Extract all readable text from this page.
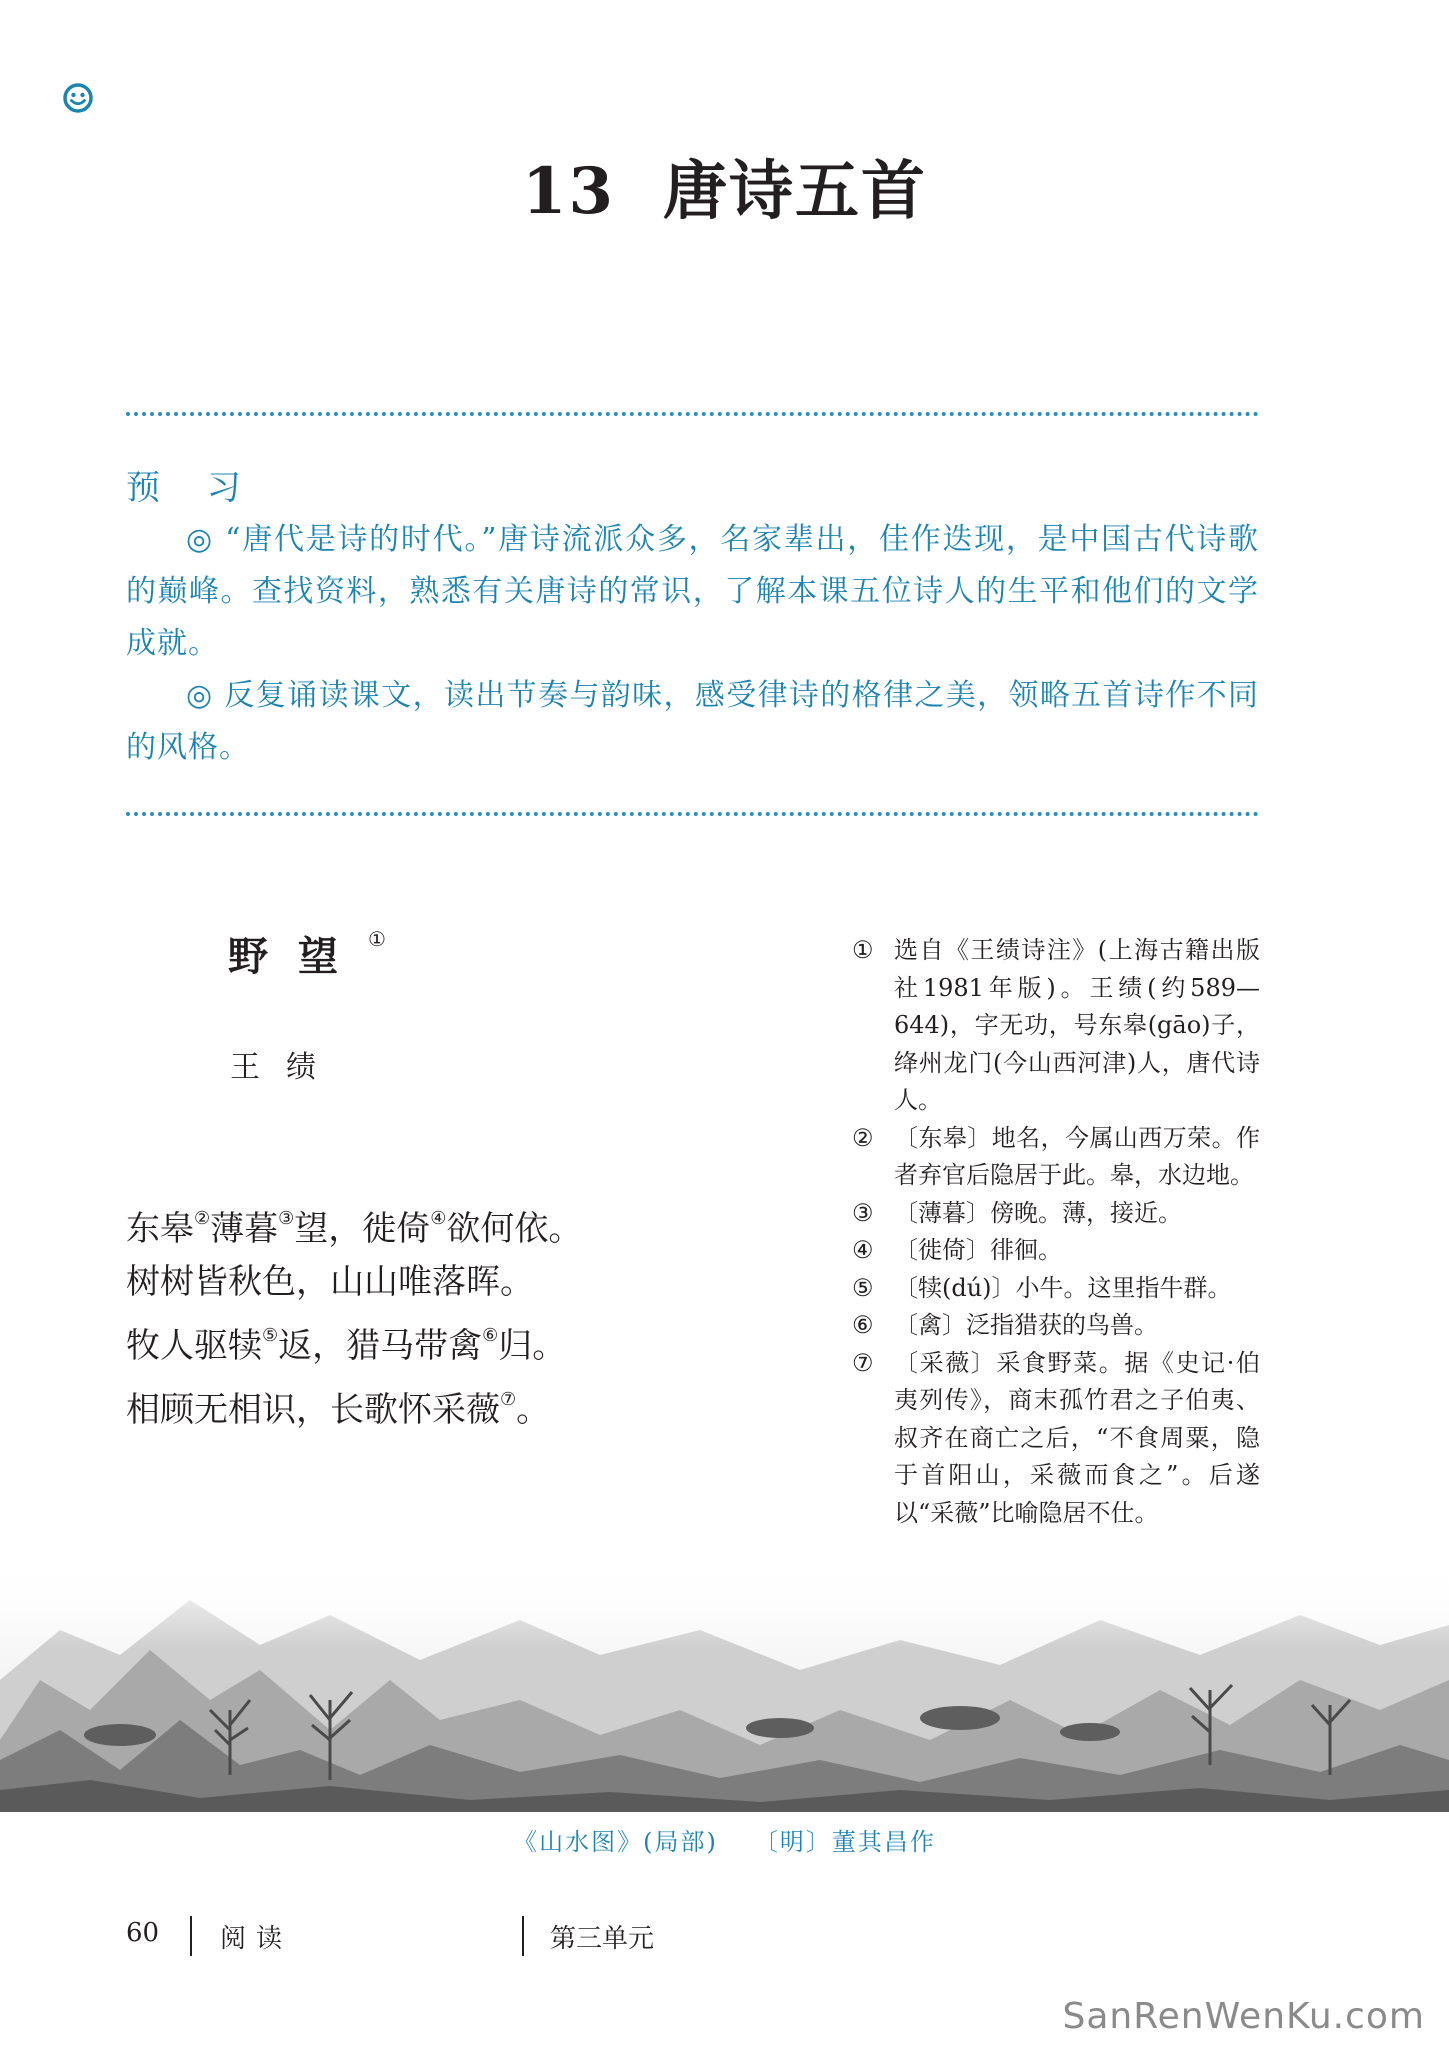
13 唐诗五首
预 习

◎ “唐代是诗的时代。”唐诗流派众多，名家辈出，佳作迭现，是中国古代诗歌的巅峰。查找资料，熟悉有关唐诗的常识，了解本课五位诗人的生平和他们的文学成就。

◎ 反复诵读课文，读出节奏与韵味，感受律诗的格律之美，领略五首诗作不同的风格。

野望①
王绩
东皋②薄暮③望，徙倚④欲何依。
树树皆秋色，山山唯落晖。
牧人驱犊⑤返，猎马带禽⑥归。
相顾无相识，长歌怀采薇⑦。
① 选自《王绩诗注》(上海古籍出版社1981年版)。王绩(约589—644)，字无功，号东皋(gāo)子，绛州龙门(今山西河津)人，唐代诗人。
② 〔东皋〕地名，今属山西万荣。作者弃官后隐居于此。皋，水边地。
③ 〔薄暮〕傍晚。薄，接近。
④ 〔徙倚〕徘徊。
⑤ 〔犊(dú)〕小牛。这里指牛群。
⑥ 〔禽〕泛指猎获的鸟兽。
⑦ 〔采薇〕采食野菜。据《史记·伯夷列传》，商末孤竹君之子伯夷、叔齐在商亡之后，“不食周粟，隐于首阳山，采薇而食之”。后遂以“采薇”比喻隐居不仕。
《山水图》(局部) 〔明〕董其昌作
60 阅读	第三单元
SanRenWenKu.com
